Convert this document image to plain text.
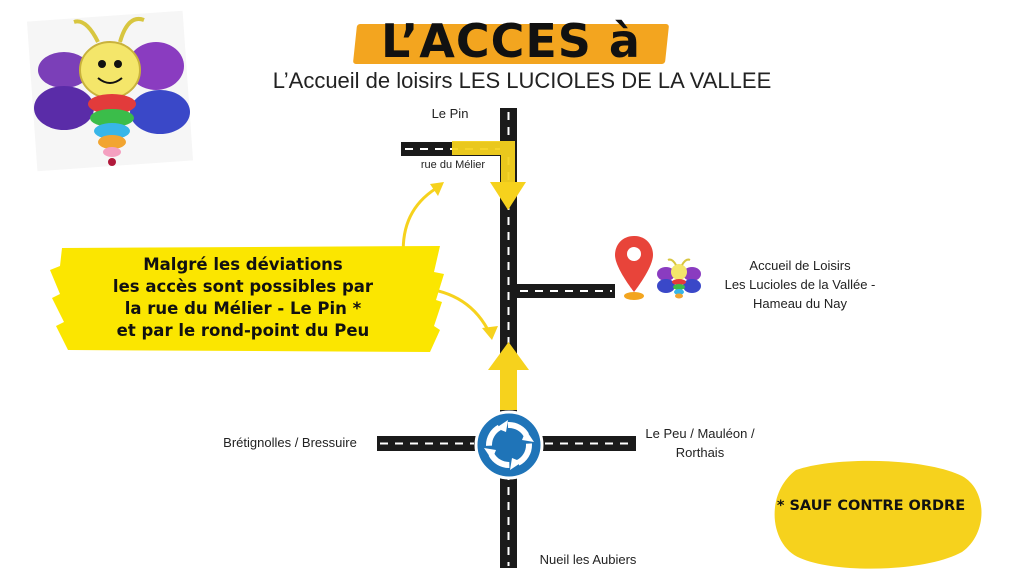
L’ACCES à
L’Accueil de loisirs LES LUCIOLES DE LA VALLEE
Le Pin
rue du Mélier
Brétignolles / Bressuire
Le Peu / Mauléon /
Rorthais
Nueil les Aubiers
Accueil de Loisirs
Les Lucioles de la Vallée -
Hameau du Nay
Malgré les déviations
les accès sont possibles par
la rue du Mélier - Le Pin *
et par le rond-point du Peu
* SAUF CONTRE ORDRE
